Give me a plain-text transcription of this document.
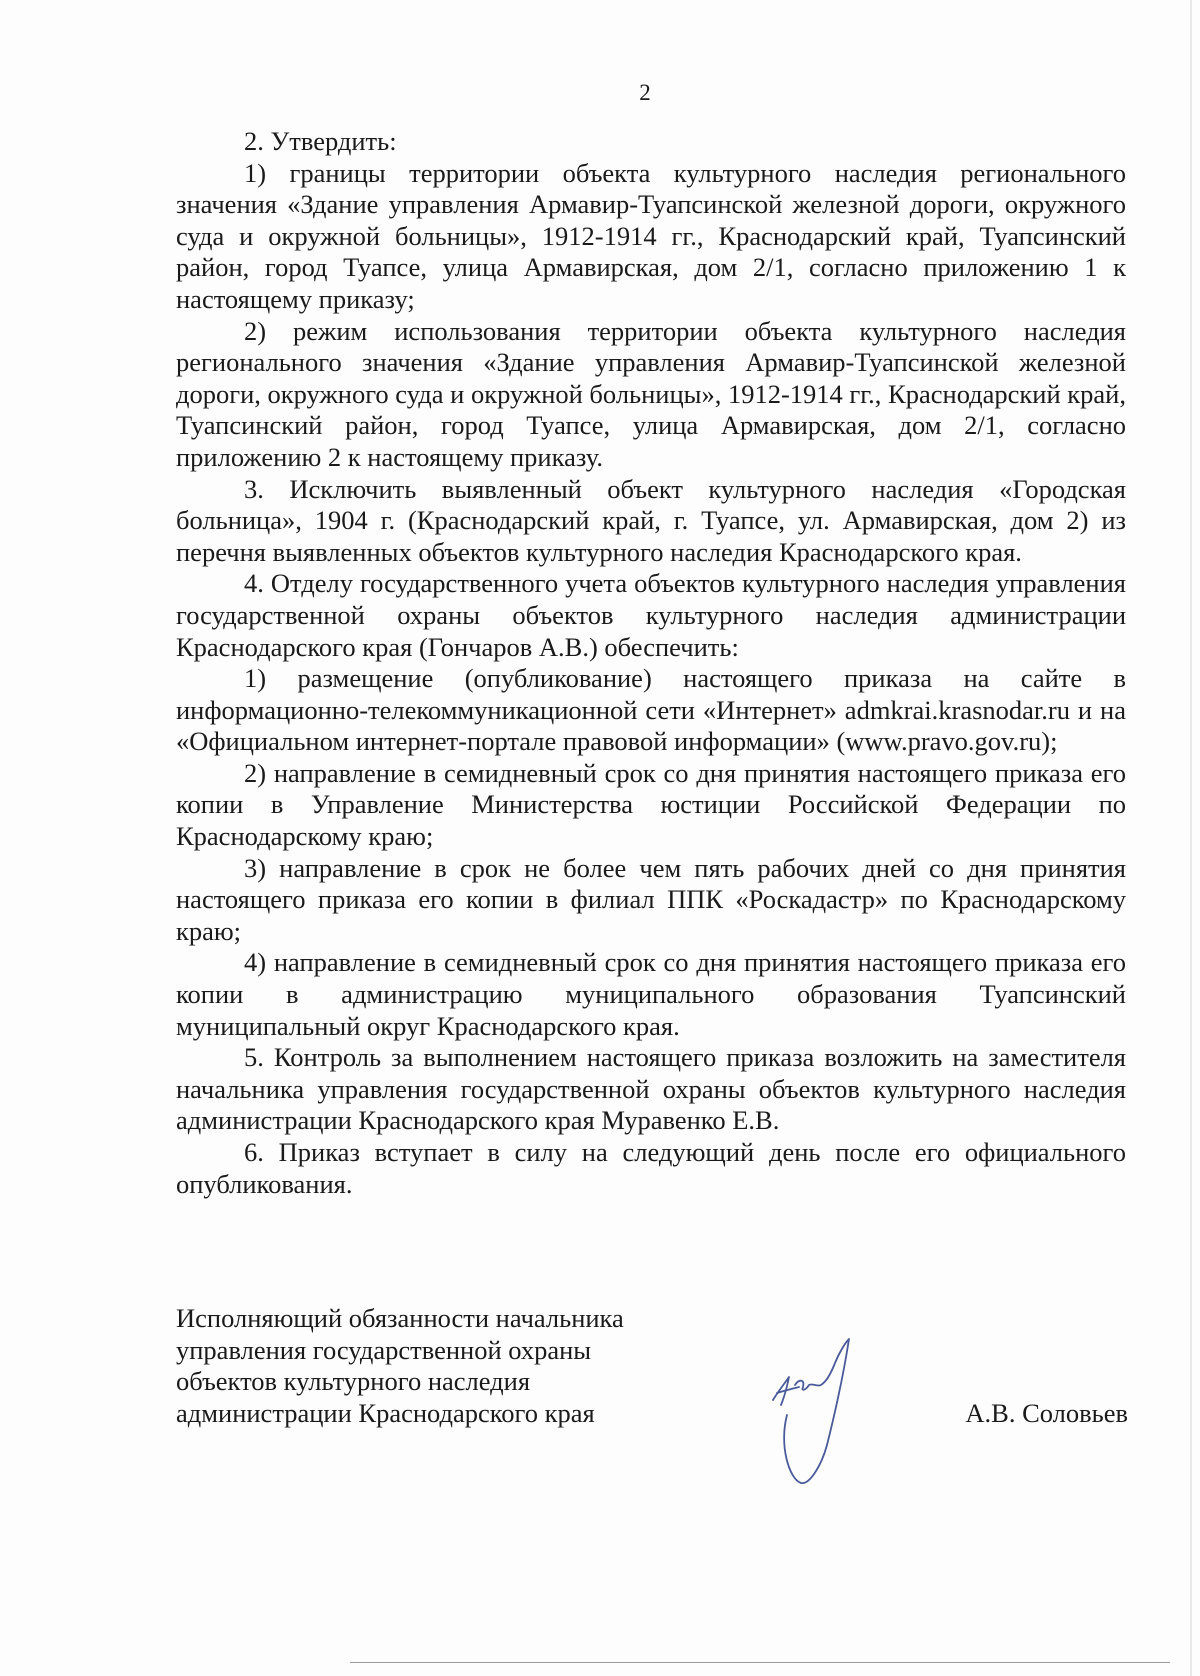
2

2. Утвердить:

1) границы территории объекта культурного наследия регионального значения «Здание управления Армавир-Туапсинской железной дороги, окружного суда и окружной больницы», 1912-1914 гг., Краснодарский край, Туапсинский район, город Туапсе, улица Армавирская, дом 2/1, согласно приложению 1 к настоящему приказу;

2) режим использования территории объекта культурного наследия регионального значения «Здание управления Армавир-Туапсинской железной дороги, окружного суда и окружной больницы», 1912-1914 гг., Краснодарский край, Туапсинский район, город Туапсе, улица Армавирская, дом 2/1, согласно приложению 2 к настоящему приказу.

3. Исключить выявленный объект культурного наследия «Городская больница», 1904 г. (Краснодарский край, г. Туапсе, ул. Армавирская, дом 2) из перечня выявленных объектов культурного наследия Краснодарского края.

4. Отделу государственного учета объектов культурного наследия управления государственной охраны объектов культурного наследия администрации Краснодарского края (Гончаров А.В.) обеспечить:

1) размещение (опубликование) настоящего приказа на сайте в информационно-телекоммуникационной сети «Интернет» admkrai.krasnodar.ru и на «Официальном интернет-портале правовой информации» (www.pravo.gov.ru);

2) направление в семидневный срок со дня принятия настоящего приказа его копии в Управление Министерства юстиции Российской Федерации по Краснодарскому краю;

3) направление в срок не более чем пять рабочих дней со дня принятия настоящего приказа его копии в филиал ППК «Роскадастр» по Краснодарскому краю;

4) направление в семидневный срок со дня принятия настоящего приказа его копии в администрацию муниципального образования Туапсинский муниципальный округ Краснодарского края.

5. Контроль за выполнением настоящего приказа возложить на заместителя начальника управления государственной охраны объектов культурного наследия администрации Краснодарского края Муравенко Е.В.

6. Приказ вступает в силу на следующий день после его официального опубликования.

Исполняющий обязанности начальника
управления государственной охраны
объектов культурного наследия
администрации Краснодарского края	А.В. Соловьев
